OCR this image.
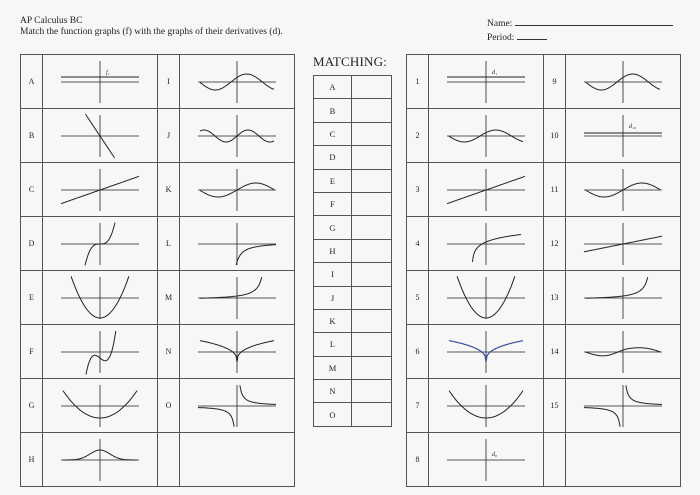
AP Calculus BC
Match the function graphs (f) with the graphs of their derivatives (d).
Name:
Period:
A	f₁	I	

B		J	

C		K	

D		L	

E		M	

F		N	

G		O	

H	

MATCHING:
A	
B	
C	
D	
E	
F	
G	
H	
I	
J	
K	
L	
M	
N	
O	
1	d₁	9	

2		10	d₁₀

3		11	

4		12	

5		13	

6		14	

7		15	

8	d₈		
